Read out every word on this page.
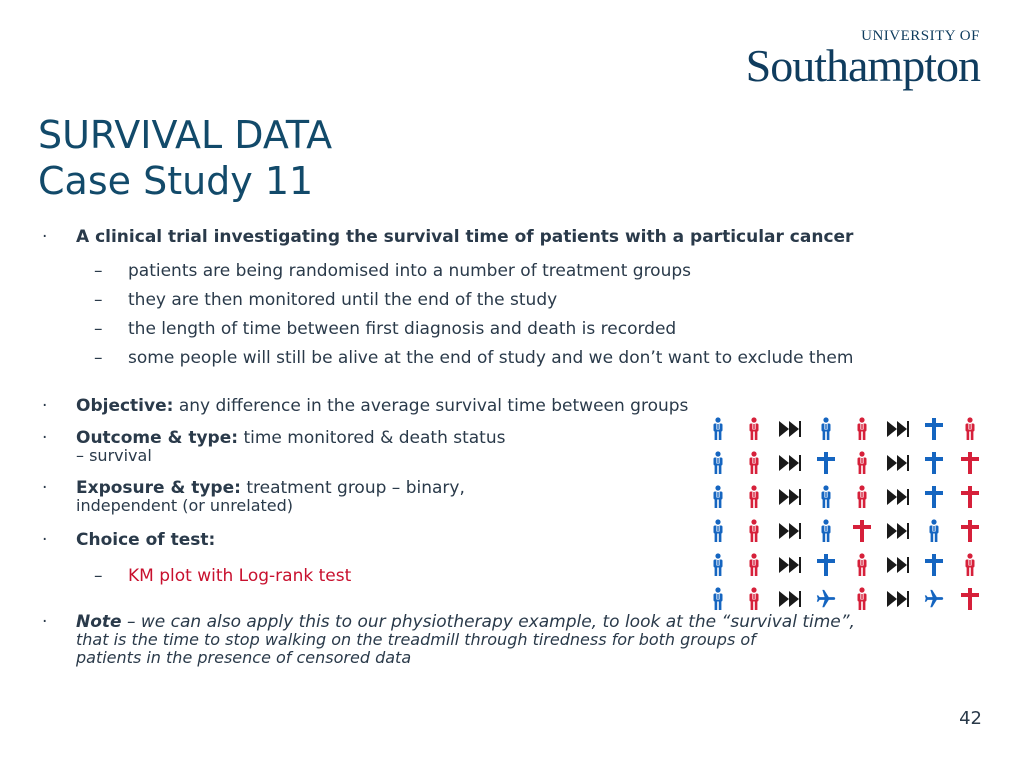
UNIVERSITY OF
Southampton
SURVIVAL DATA
Case Study 11
· A clinical trial investigating the survival time of patients with a particular cancer
– patients are being randomised into a number of treatment groups
– they are then monitored until the end of the study
– the length of time between first diagnosis and death is recorded
– some people will still be alive at the end of study and we don’t want to exclude them
· Objective: any difference in the average survival time between groups
· Outcome & type: time monitored & death status
– survival
· Exposure & type: treatment group – binary,
independent (or unrelated)
· Choice of test:
– KM plot with Log-rank test
· Note – we can also apply this to our physiotherapy example, to look at the “survival time”,
that is the time to stop walking on the treadmill through tiredness for both groups of
patients in the presence of censored data
42
